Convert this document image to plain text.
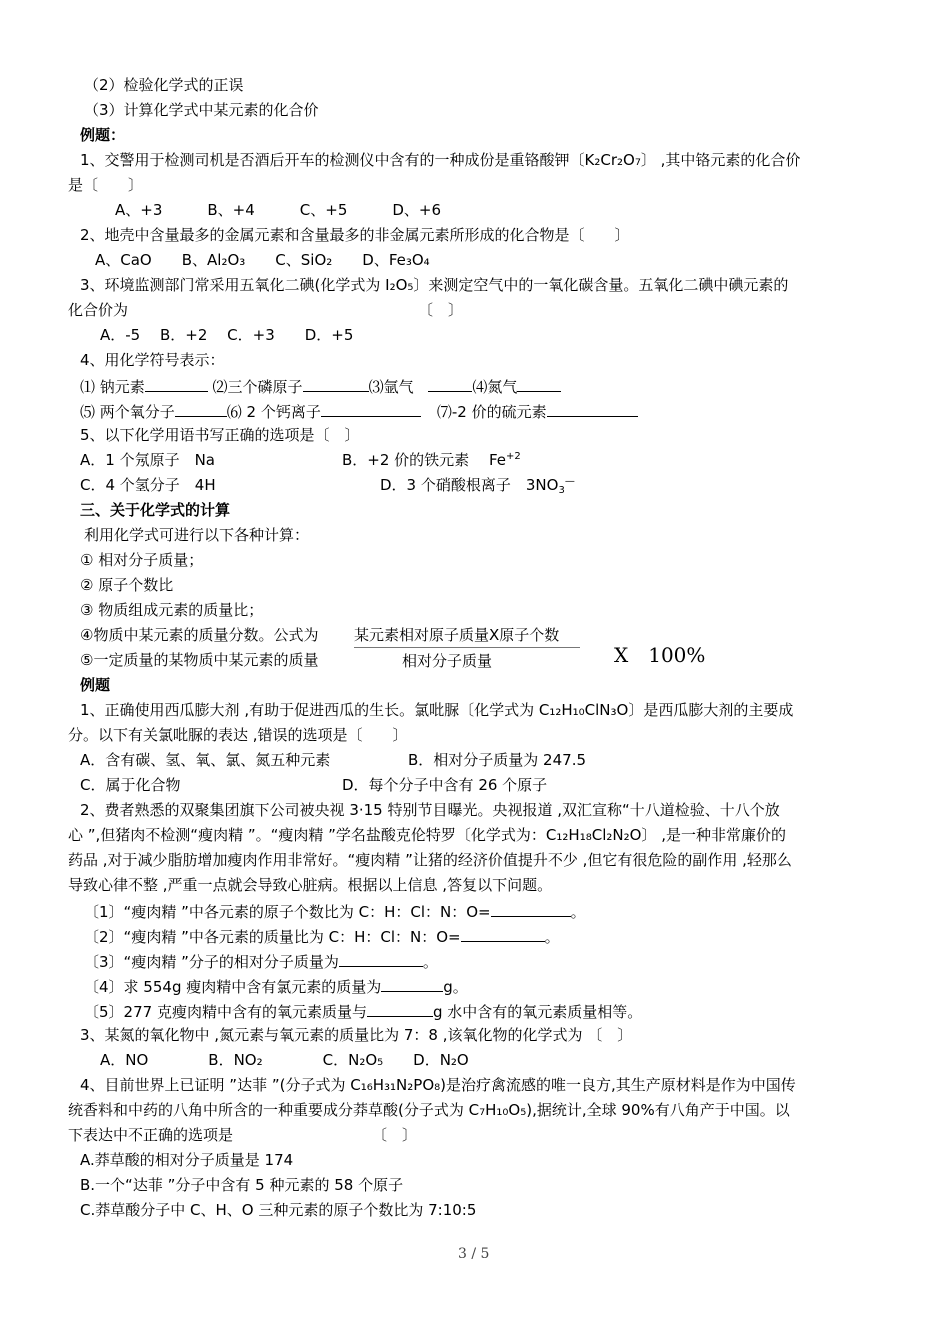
（2）检验化学式的正误
（3）计算化学式中某元素的化合价
例题：
1、交警用于检测司机是否酒后开车的检测仪中含有的一种成份是重铬酸钾〔K₂Cr₂O₇〕 ,其中铬元素的化合价
是〔　　〕
A、+3　　　B、+4　　　C、+5　　　D、+6
2、地壳中含量最多的金属元素和含量最多的非金属元素所形成的化合物是〔　　〕
A、CaO　　B、Al₂O₃　　C、SiO₂　　D、Fe₃O₄
3、环境监测部门常采用五氧化二碘(化学式为 I₂O₅〕来测定空气中的一氧化碳含量。五氧化二碘中碘元素的
化合价为	〔　〕
A．-5　 B．+2　 C．+3　　D．+5
4、用化学符号表示：
⑴ 钠元素	⑵三个磷原子	⑶氩气	⑷氮气
⑸ 两个氧分子	⑹ 2 个钙离子	⑺-2 价的硫元素
5、以下化学用语书写正确的选项是〔　〕
A．1 个氖原子　Na	B．+2 价的铁元素　 $Fe^{+2}$
C．4 个氢分子　4H	D．3 个硝酸根离子　$3NO_3^—$
三、关于化学式的计算
利用化学式可进行以下各种计算：
① 相对分子质量；
② 原子个数比
③ 物质组成元素的质量比；
④物质中某元素的质量分数。公式为 某元素相对原子质量X原子个数
相对分子质量	X　100%
⑤一定质量的某物质中某元素的质量
例题
1、正确使用西瓜膨大剂 ,有助于促进西瓜的生长。氯吡脲〔化学式为 C₁₂H₁₀ClN₃O〕是西瓜膨大剂的主要成
分。以下有关氯吡脲的表达 ,错误的选项是〔　　〕
A．含有碳、氢、氧、氯、氮五种元素	B．相对分子质量为 247.5
C．属于化合物	D．每个分子中含有 26 个原子
2、费者熟悉的双聚集团旗下公司被央视 3·15 特别节目曝光。央视报道 ,双汇宣称“十八道检验、十八个放
心 ”,但猪肉不检测“瘦肉精 ”。“瘦肉精 ”学名盐酸克伦特罗〔化学式为：C₁₂H₁₈Cl₂N₂O〕 ,是一种非常廉价的
药品 ,对于减少脂肪增加瘦肉作用非常好。“瘦肉精 ”让猪的经济价值提升不少 ,但它有很危险的副作用 ,轻那么
导致心律不整 ,严重一点就会导致心脏病。根据以上信息 ,答复以下问题。
〔1〕“瘦肉精 ”中各元素的原子个数比为 C：H：Cl：N：O=	。
〔2〕“瘦肉精 ”中各元素的质量比为 C：H：Cl：N：O=	。
〔3〕“瘦肉精 ”分子的相对分子质量为	。
〔4〕求 554g 瘦肉精中含有氯元素的质量为	g。
〔5〕277 克瘦肉精中含有的氧元素质量与	g 水中含有的氧元素质量相等。
3、某氮的氧化物中 ,氮元素与氧元素的质量比为 7：8 ,该氧化物的化学式为 〔　〕
A．NO　　　　B．NO₂　　　　C．N₂O₅　　D．N₂O
4、目前世界上已证明 ”达菲 ”(分子式为 C₁₆H₃₁N₂PO₈)是治疗禽流感的唯一良方,其生产原材料是作为中国传
统香料和中药的八角中所含的一种重要成分莽草酸(分子式为 C₇H₁₀O₅),据统计,全球 90%有八角产于中国。以
下表达中不正确的选项是	〔　〕
A.莽草酸的相对分子质量是 174
B.一个“达菲 ”分子中含有 5 种元素的 58 个原子
C.莽草酸分子中 C、H、O 三种元素的原子个数比为 7:10:5
3 / 5
